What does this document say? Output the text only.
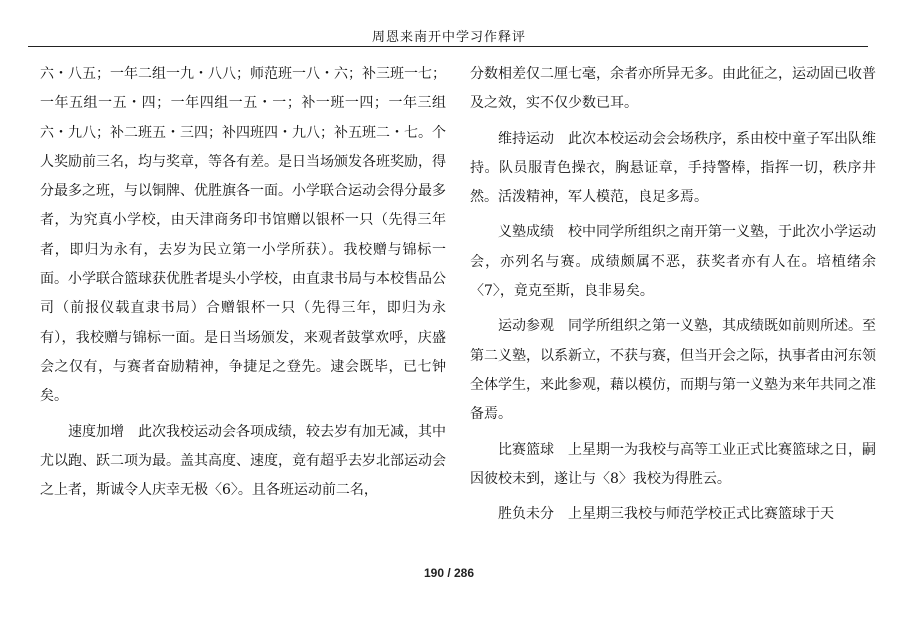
周恩来南开中学习作释评

六・八五；一年二组一九・八八；师范班一八・六；补三班一七；一年五组一五・四；一年四组一五・一；补一班一四；一年三组六・九八；补二班五・三四；补四班四・九八；补五班二・七。个人奖励前三名，均与奖章，等各有差。是日当场颁发各班奖励，得分最多之班，与以铜牌、优胜旗各一面。小学联合运动会得分最多者，为究真小学校，由天津商务印书馆赠以银杯一只（先得三年者，即归为永有，去岁为民立第一小学所获）。我校赠与锦标一面。小学联合篮球获优胜者堤头小学校，由直隶书局与本校售品公司（前报仪载直隶书局）合赠银杯一只（先得三年，即归为永有），我校赠与锦标一面。是日当场颁发，来观者鼓掌欢呼，庆盛会之仅有，与赛者奋励精神，争捷足之登先。逮会既毕，已七钟矣。

速度加增　此次我校运动会各项成绩，较去岁有加无减，其中尤以跑、跃二项为最。盖其高度、速度，竟有超乎去岁北部运动会之上者，斯诚令人庆幸无极〈6〉。且各班运动前二名，

分数相差仅二厘七毫，余者亦所异无多。由此征之，运动固已收普及之效，实不仅少数已耳。

维持运动　此次本校运动会会场秩序，系由校中童子军出队维持。队员服青色操衣，胸悬证章，手持警棒，指挥一切，秩序井然。活泼精神，军人模范，良足多焉。

义塾成绩　校中同学所组织之南开第一义塾，于此次小学运动会，亦列名与赛。成绩颇属不恶，获奖者亦有人在。培植绪余〈7〉，竟克至斯，良非易矣。

运动参观　同学所组织之第一义塾，其成绩既如前则所述。至第二义塾，以系新立，不获与赛，但当开会之际，执事者由河东领全体学生，来此参观，藉以模仿，而期与第一义塾为来年共同之准备焉。

比赛篮球　上星期一为我校与高等工业正式比赛篮球之日，嗣因彼校未到，遂让与〈8〉我校为得胜云。

胜负未分　上星期三我校与师范学校正式比赛篮球于天

190 / 286
